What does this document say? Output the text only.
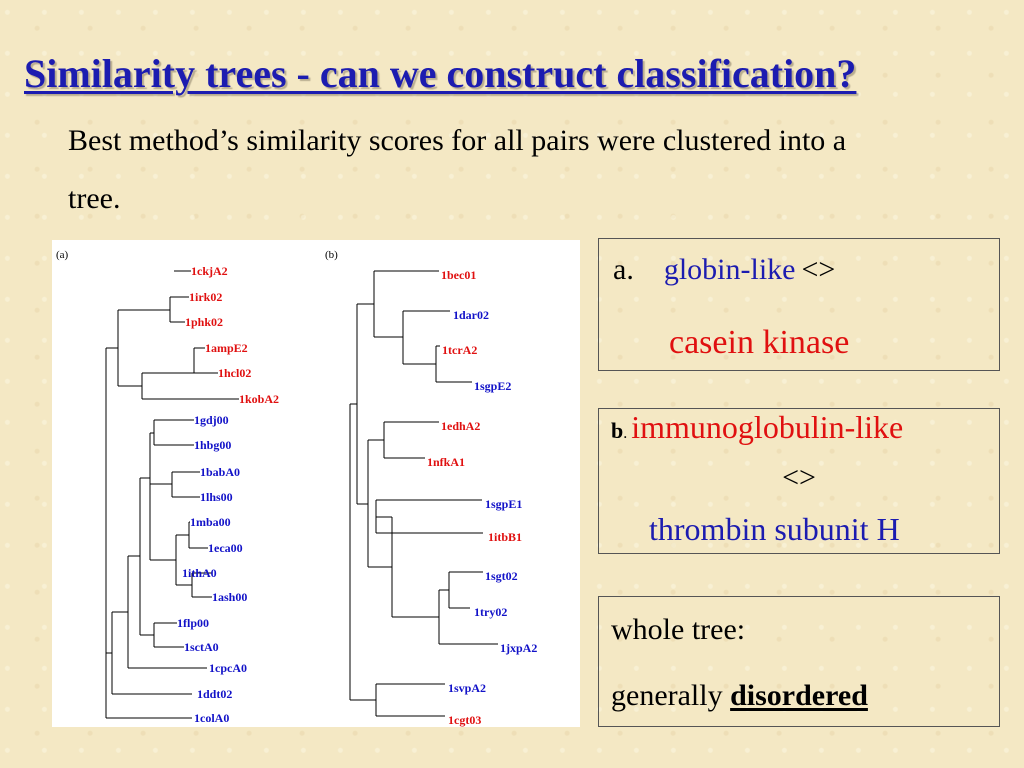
Similarity trees - can we construct classification?

Best method’s similarity scores for all pairs were clustered into a tree.

(a)	(b)
1ckjA2
1irk02
1phk02
1ampE2
1hcl02
1kobA2
1gdj00
1hbg00
1babA0
1lhs00
1mba00
1eca00
1ithA0
1ash00
1flp00
1sctA0
1cpcA0
1ddt02
1colA0
1bec01
1dar02
1tcrA2
1sgpE2
1edhA2
1nfkA1
1sgpE1
1itbB1
1sgt02
1try02
1jxpA2
1svpA2
1cgt03
a. globin-like <>
casein kinase
b. immunoglobulin-like
<>
thrombin subunit H
whole tree:
generally disordered
